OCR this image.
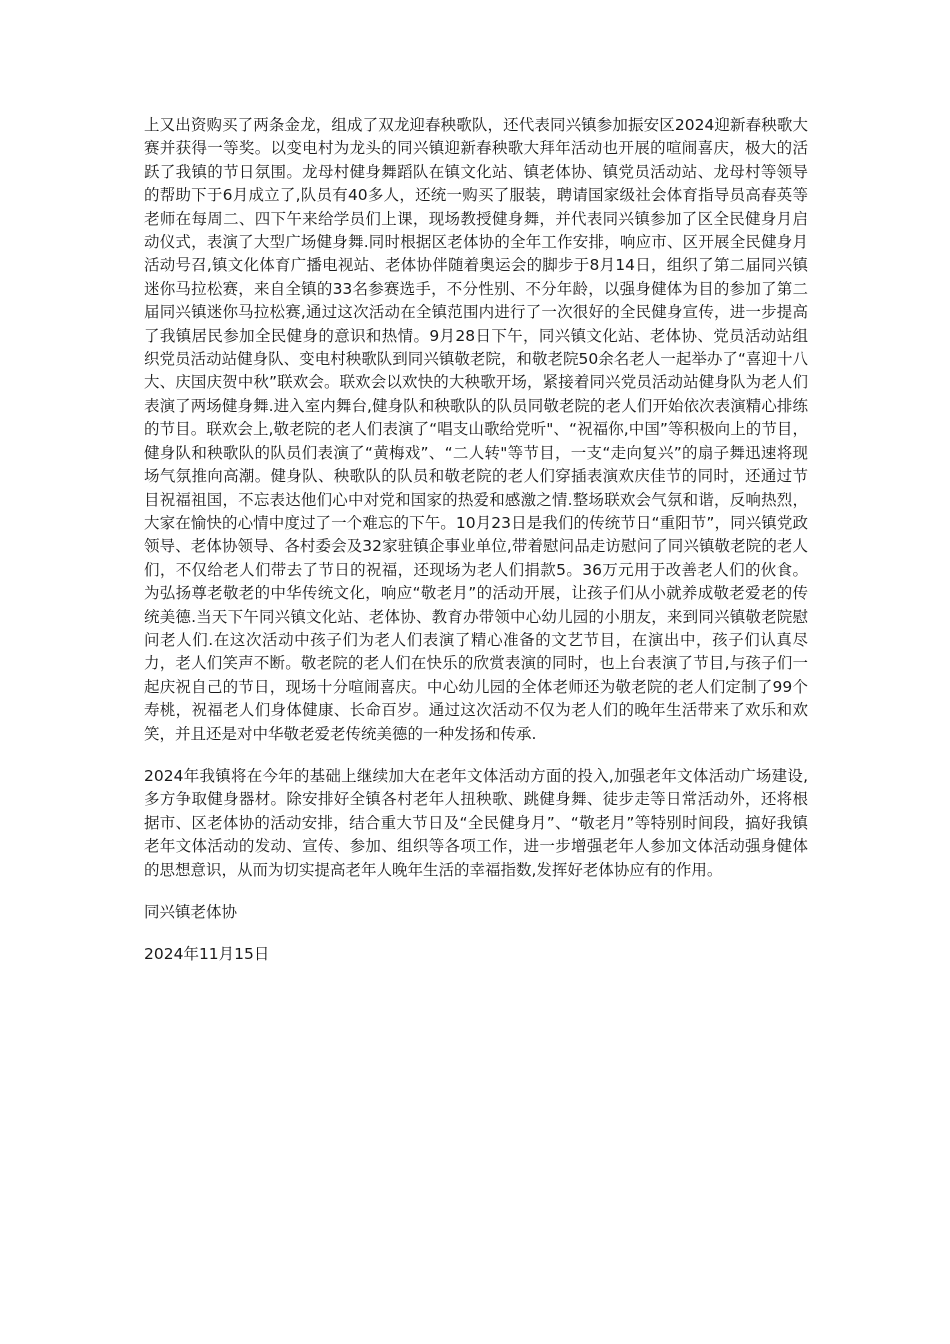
上又出资购买了两条金龙，组成了双龙迎春秧歌队，还代表同兴镇参加振安区2024迎新春秧歌大赛并获得一等奖。以变电村为龙头的同兴镇迎新春秧歌大拜年活动也开展的喧闹喜庆，极大的活跃了我镇的节日氛围。龙母村健身舞蹈队在镇文化站、镇老体协、镇党员活动站、龙母村等领导的帮助下于6月成立了,队员有40多人，还统一购买了服装，聘请国家级社会体育指导员高春英等老师在每周二、四下午来给学员们上课，现场教授健身舞，并代表同兴镇参加了区全民健身月启动仪式，表演了大型广场健身舞.同时根据区老体协的全年工作安排，响应市、区开展全民健身月活动号召,镇文化体育广播电视站、老体协伴随着奥运会的脚步于8月14日，组织了第二届同兴镇迷你马拉松赛，来自全镇的33名参赛选手，不分性别、不分年龄，以强身健体为目的参加了第二届同兴镇迷你马拉松赛,通过这次活动在全镇范围内进行了一次很好的全民健身宣传，进一步提高了我镇居民参加全民健身的意识和热情。9月28日下午，同兴镇文化站、老体协、党员活动站组织党员活动站健身队、变电村秧歌队到同兴镇敬老院，和敬老院50余名老人一起举办了“喜迎十八大、庆国庆贺中秋”联欢会。联欢会以欢快的大秧歌开场，紧接着同兴党员活动站健身队为老人们表演了两场健身舞.进入室内舞台,健身队和秧歌队的队员同敬老院的老人们开始依次表演精心排练的节目。联欢会上,敬老院的老人们表演了“唱支山歌给党听"、“祝福你,中国”等积极向上的节目，健身队和秧歌队的队员们表演了“黄梅戏”、“二人转"等节目，一支“走向复兴”的扇子舞迅速将现场气氛推向高潮。健身队、秧歌队的队员和敬老院的老人们穿插表演欢庆佳节的同时，还通过节目祝福祖国，不忘表达他们心中对党和国家的热爱和感激之情.整场联欢会气氛和谐，反响热烈，大家在愉快的心情中度过了一个难忘的下午。10月23日是我们的传统节日“重阳节”，同兴镇党政领导、老体协领导、各村委会及32家驻镇企事业单位,带着慰问品走访慰问了同兴镇敬老院的老人们，不仅给老人们带去了节日的祝福，还现场为老人们捐款5。36万元用于改善老人们的伙食。为弘扬尊老敬老的中华传统文化，响应“敬老月”的活动开展，让孩子们从小就养成敬老爱老的传统美德.当天下午同兴镇文化站、老体协、教育办带领中心幼儿园的小朋友，来到同兴镇敬老院慰问老人们.在这次活动中孩子们为老人们表演了精心准备的文艺节目，在演出中，孩子们认真尽力，老人们笑声不断。敬老院的老人们在快乐的欣赏表演的同时，也上台表演了节目,与孩子们一起庆祝自己的节日，现场十分喧闹喜庆。中心幼儿园的全体老师还为敬老院的老人们定制了99个寿桃，祝福老人们身体健康、长命百岁。通过这次活动不仅为老人们的晚年生活带来了欢乐和欢笑，并且还是对中华敬老爱老传统美德的一种发扬和传承.

2024年我镇将在今年的基础上继续加大在老年文体活动方面的投入,加强老年文体活动广场建设,多方争取健身器材。除安排好全镇各村老年人扭秧歌、跳健身舞、徒步走等日常活动外，还将根据市、区老体协的活动安排，结合重大节日及“全民健身月”、“敬老月”等特别时间段，搞好我镇老年文体活动的发动、宣传、参加、组织等各项工作，进一步增强老年人参加文体活动强身健体的思想意识，从而为切实提高老年人晚年生活的幸福指数,发挥好老体协应有的作用。

同兴镇老体协

2024年11月15日
